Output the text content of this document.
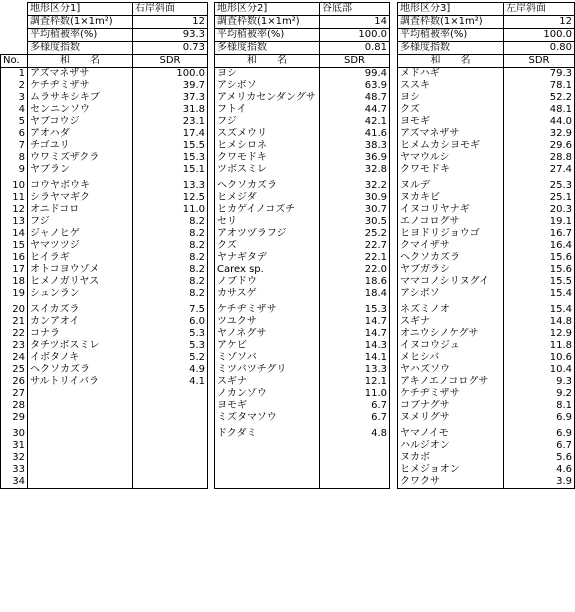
	地形区分1]	右岸斜面
	調査枠数(1×1m²)	12
	平均植被率(%)	93.3
	多様度指数	0.73
No.	和　　名	SDR
1	アズマネザサ	100.0
2	ケチヂミザサ	39.7
3	ムラサキシキブ	37.3
4	センニンソウ	31.8
5	ヤブコウジ	23.1
6	アオハダ	17.4
7	チゴユリ	15.5
8	ウワミズザクラ	15.3
9	ヤブラン	15.1

10	コウヤボウキ	13.3
11	シラヤマギク	12.5
12	オニドコロ	11.0
13	フジ	8.2
14	ジャノヒゲ	8.2
15	ヤマツツジ	8.2
16	ヒイラギ	8.2
17	オトコヨウゾメ	8.2
18	ヒメノガリヤス	8.2
19	シュンラン	8.2

20	スイカズラ	7.5
21	カンアオイ	6.0
22	コナラ	5.3
23	タチツボスミレ	5.3
24	イボタノキ	5.2
25	ヘクソカズラ	4.9
26	サルトリイバラ	4.1
27		
28		
29		

30		
31		
32		
33		
34		
地形区分2]	谷底部
調査枠数(1×1m²)	14
平均植被率(%)	100.0
多様度指数	0.81
和　　名	SDR
ヨシ	99.4
アシボソ	63.9
アメリカセンダングサ	48.7
フトイ	44.7
フジ	42.1
スズメウリ	41.6
ヒメシロネ	38.3
クワモドキ	36.9
ツボスミレ	32.8

ヘクソカズラ	32.2
ヒメジダ	30.9
ヒカゲイノコズチ	30.7
セリ	30.5
アオツヅラフジ	25.2
クズ	22.7
ヤナギタデ	22.1
Carex sp.	22.0
ノブドウ	18.6
カサスゲ	18.4

ケチヂミザサ	15.3
ツユクサ	14.7
ヤノネグサ	14.7
アケビ	14.3
ミゾソバ	14.1
ミツバツチグリ	13.3
スギナ	12.1
ノカンゾウ	11.0
ヨモギ	6.7
ミズタマソウ	6.7

ドクダミ	4.8

地形区分3]	左岸斜面
調査枠数(1×1m²)	12
平均植被率(%)	100.0
多様度指数	0.80
和　　名	SDR
メドハギ	79.3
ススキ	78.1
ヨシ	52.2
クズ	48.1
ヨモギ	44.0
アズマネザサ	32.9
ヒメムカシヨモギ	29.6
ヤマウルシ	28.8
クワモドキ	27.4

ヌルデ	25.3
ヌカキビ	25.1
イヌコリヤナギ	20.3
エノコログサ	19.1
ヒヨドリジョウゴ	16.7
クマイザサ	16.4
ヘクソカズラ	15.6
ヤブガラシ	15.6
ママコノシリヌグイ	15.5
アシボソ	15.4

ネズミノオ	15.4
スギナ	14.8
オニウシノケグサ	12.9
イヌコウジュ	11.8
メヒシバ	10.6
ヤハズソウ	10.4
アキノエノコログサ	9.3
ケチヂミザサ	9.2
コブナグサ	8.1
ヌメリグサ	6.9

ヤマノイモ	6.9
ハルジオン	6.7
ヌカボ	5.6
ヒメジョオン	4.6
クワクサ	3.9
